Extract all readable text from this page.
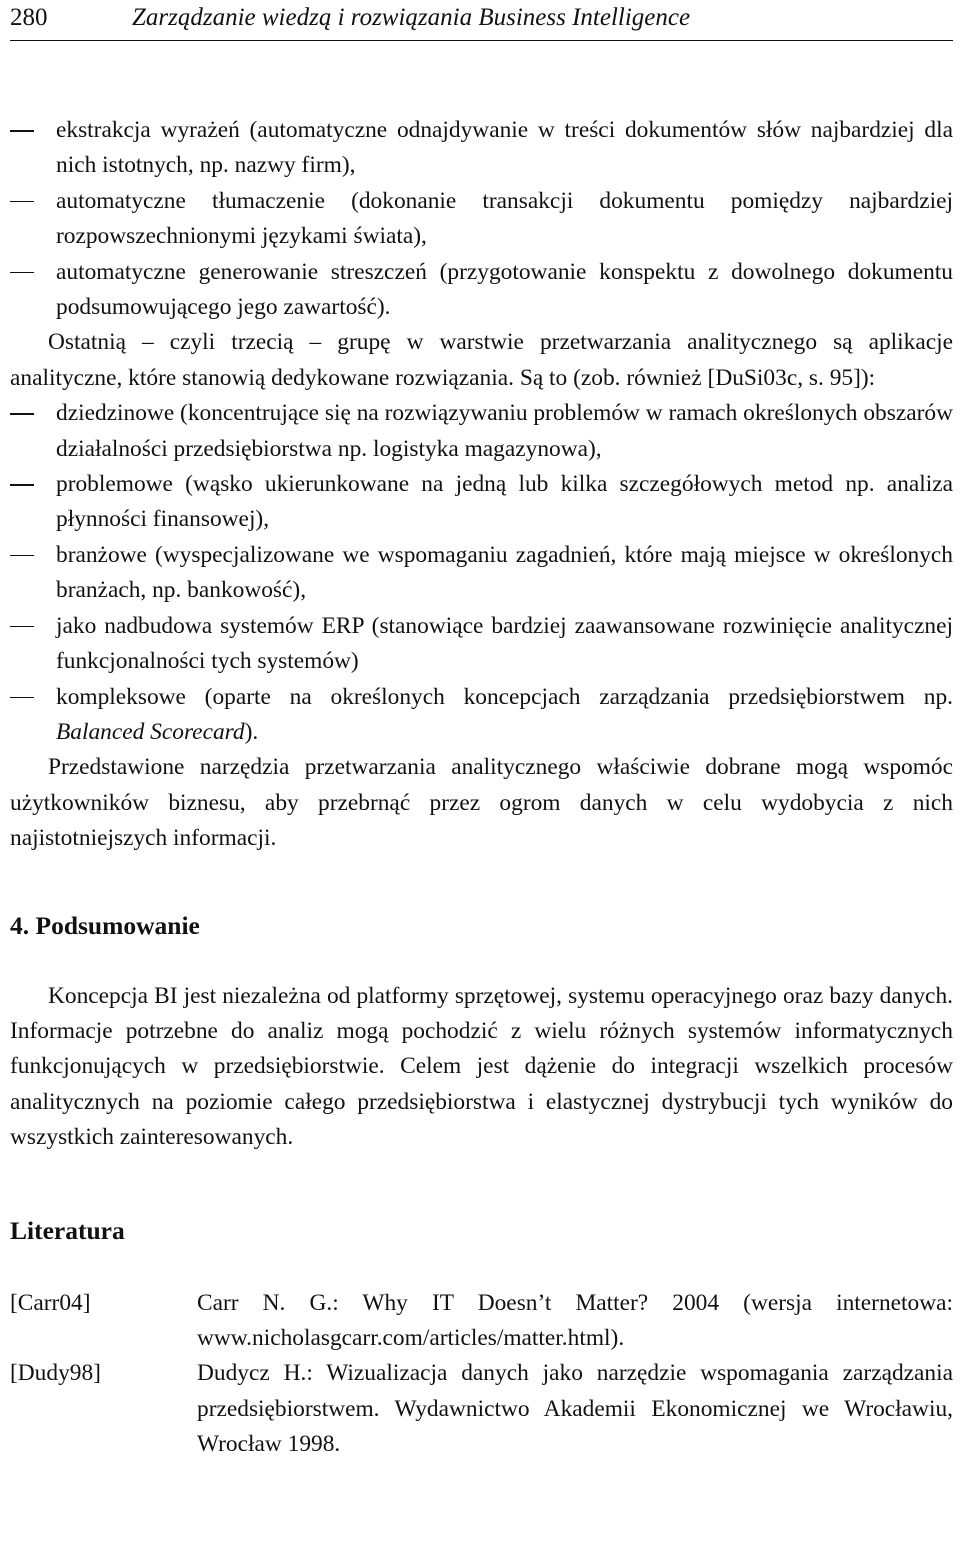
280	Zarządzanie wiedzą i rozwiązania Business Intelligence
ekstrakcja wyrażeń (automatyczne odnajdywanie w treści dokumentów słów najbardziej dla nich istotnych, np. nazwy firm),
automatyczne tłumaczenie (dokonanie transakcji dokumentu pomiędzy najbardziej rozpowszechnionymi językami świata),
automatyczne generowanie streszczeń (przygotowanie konspektu z dowolnego dokumentu podsumowującego jego zawartość).

Ostatnią – czyli trzecią – grupę w warstwie przetwarzania analitycznego są aplikacje analityczne, które stanowią dedykowane rozwiązania. Są to (zob. również [DuSi03c, s. 95]):

dziedzinowe (koncentrujące się na rozwiązywaniu problemów w ramach określonych obszarów działalności przedsiębiorstwa np. logistyka magazynowa),
problemowe (wąsko ukierunkowane na jedną lub kilka szczegółowych metod np. analiza płynności finansowej),
branżowe (wyspecjalizowane we wspomaganiu zagadnień, które mają miejsce w określonych branżach, np. bankowość),
jako nadbudowa systemów ERP (stanowiące bardziej zaawansowane rozwinięcie analitycznej funkcjonalności tych systemów)
kompleksowe (oparte na określonych koncepcjach zarządzania przedsiębiorstwem np. Balanced Scorecard).

Przedstawione narzędzia przetwarzania analitycznego właściwie dobrane mogą wspomóc użytkowników biznesu, aby przebrnąć przez ogrom danych w celu wydobycia z nich najistotniejszych informacji.

4. Podsumowanie

Koncepcja BI jest niezależna od platformy sprzętowej, systemu operacyjnego oraz bazy danych. Informacje potrzebne do analiz mogą pochodzić z wielu różnych systemów informatycznych funkcjonujących w przedsiębiorstwie. Celem jest dążenie do integracji wszelkich procesów analitycznych na poziomie całego przedsiębiorstwa i elastycznej dystrybucji tych wyników do wszystkich zainteresowanych.

Literatura
[Carr04]	Carr N. G.: Why IT Doesn’t Matter? 2004 (wersja internetowa: www.nicholasgcarr.com/articles/matter.html).
[Dudy98]	Dudycz H.: Wizualizacja danych jako narzędzie wspomagania zarządzania przedsiębiorstwem. Wydawnictwo Akademii Ekonomicznej we Wrocławiu, Wrocław 1998.
